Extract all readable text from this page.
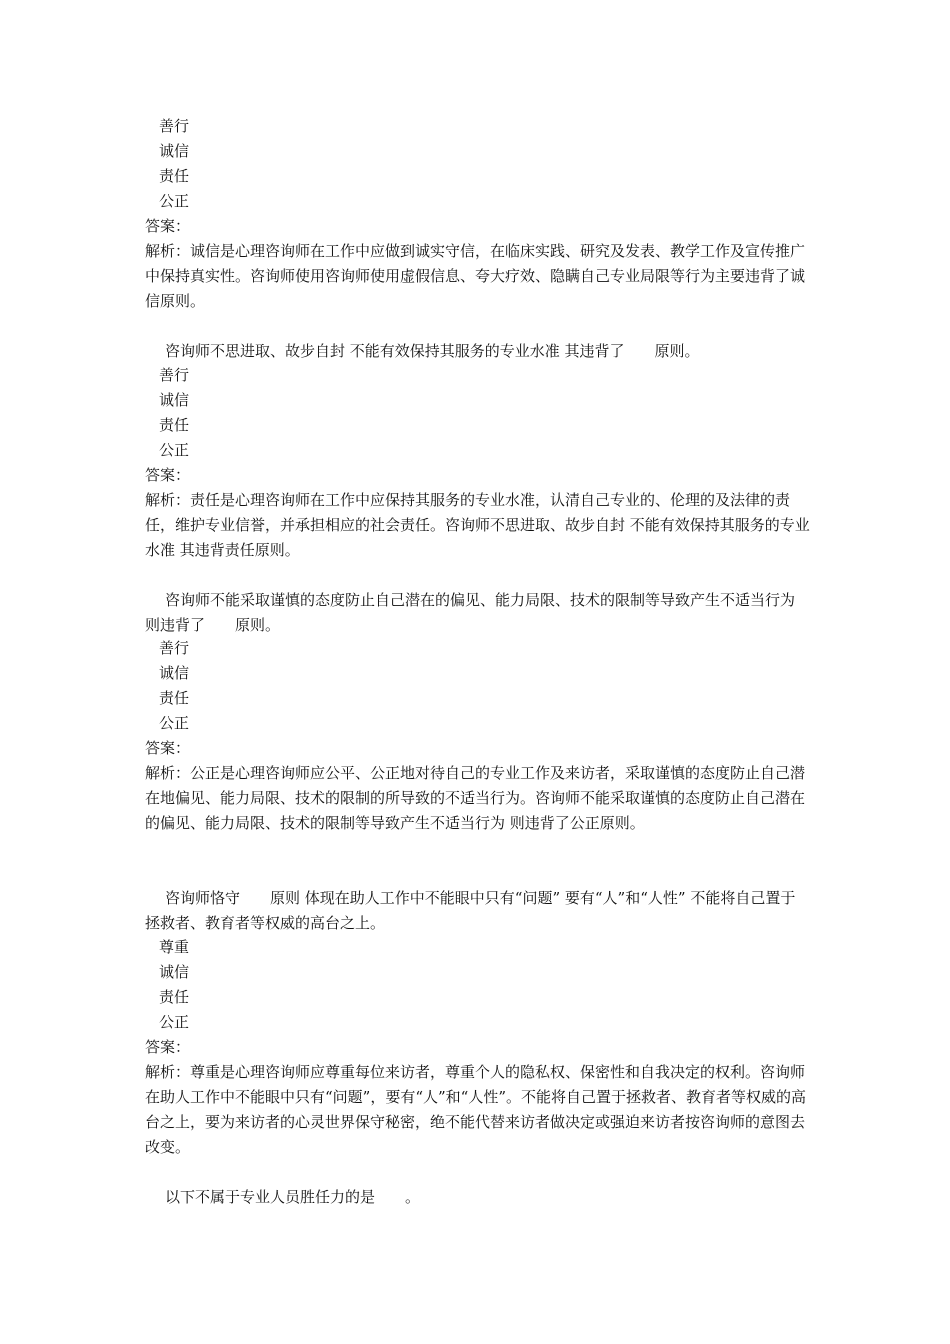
善行
诚信
责任
公正
答案：
解析：诚信是心理咨询师在工作中应做到诚实守信，在临床实践、研究及发表、教学工作及宣传推广中保持真实性。咨询师使用咨询师使用虚假信息、夸大疗效、隐瞒自己专业局限等行为主要违背了诚信原则。
咨询师不思进取、故步自封 不能有效保持其服务的专业水准 其违背了　　原则。
善行
诚信
责任
公正
答案：
解析：责任是心理咨询师在工作中应保持其服务的专业水准，认清自己专业的、伦理的及法律的责任，维护专业信誉，并承担相应的社会责任。咨询师不思进取、故步自封 不能有效保持其服务的专业水准 其违背责任原则。
咨询师不能采取谨慎的态度防止自己潜在的偏见、能力局限、技术的限制等导致产生不适当行为 则违背了　　原则。
善行
诚信
责任
公正
答案：
解析：公正是心理咨询师应公平、公正地对待自己的专业工作及来访者，采取谨慎的态度防止自己潜在地偏见、能力局限、技术的限制的所导致的不适当行为。咨询师不能采取谨慎的态度防止自己潜在的偏见、能力局限、技术的限制等导致产生不适当行为 则违背了公正原则。
咨询师恪守　　原则 体现在助人工作中不能眼中只有“问题” 要有“人”和“人性” 不能将自己置于拯救者、教育者等权威的高台之上。
尊重
诚信
责任
公正
答案：
解析：尊重是心理咨询师应尊重每位来访者，尊重个人的隐私权、保密性和自我决定的权利。咨询师在助人工作中不能眼中只有“问题”，要有“人”和“人性”。不能将自己置于拯救者、教育者等权威的高台之上，要为来访者的心灵世界保守秘密，绝不能代替来访者做决定或强迫来访者按咨询师的意图去改变。
以下不属于专业人员胜任力的是　　。
